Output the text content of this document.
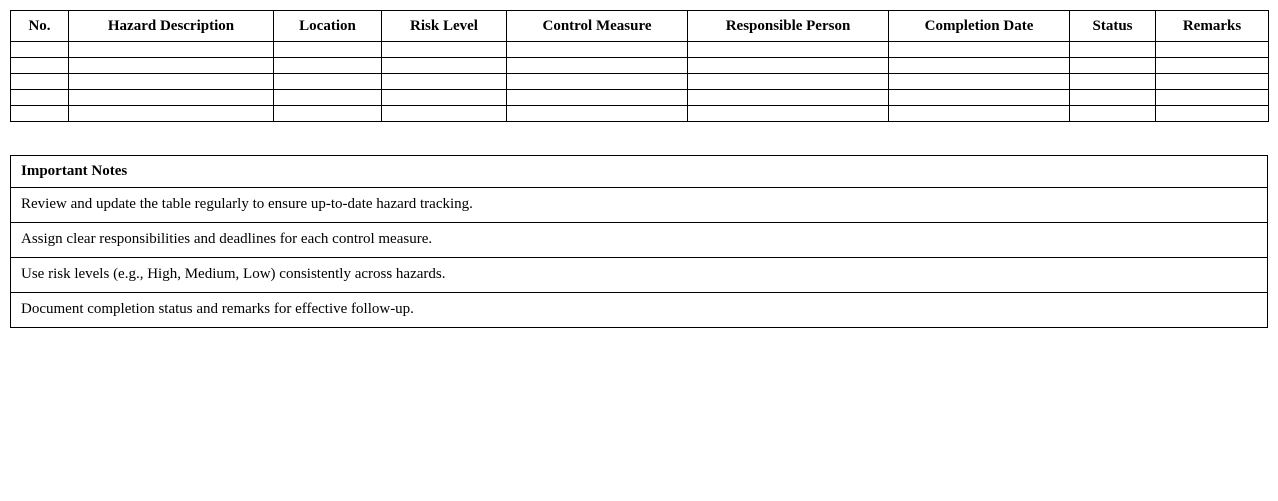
No.	Hazard Description	Location	Risk Level	Control Measure	Responsible Person	Completion Date	Status	Remarks

Important Notes
Review and update the table regularly to ensure up-to-date hazard tracking.
Assign clear responsibilities and deadlines for each control measure.
Use risk levels (e.g., High, Medium, Low) consistently across hazards.
Document completion status and remarks for effective follow-up.
